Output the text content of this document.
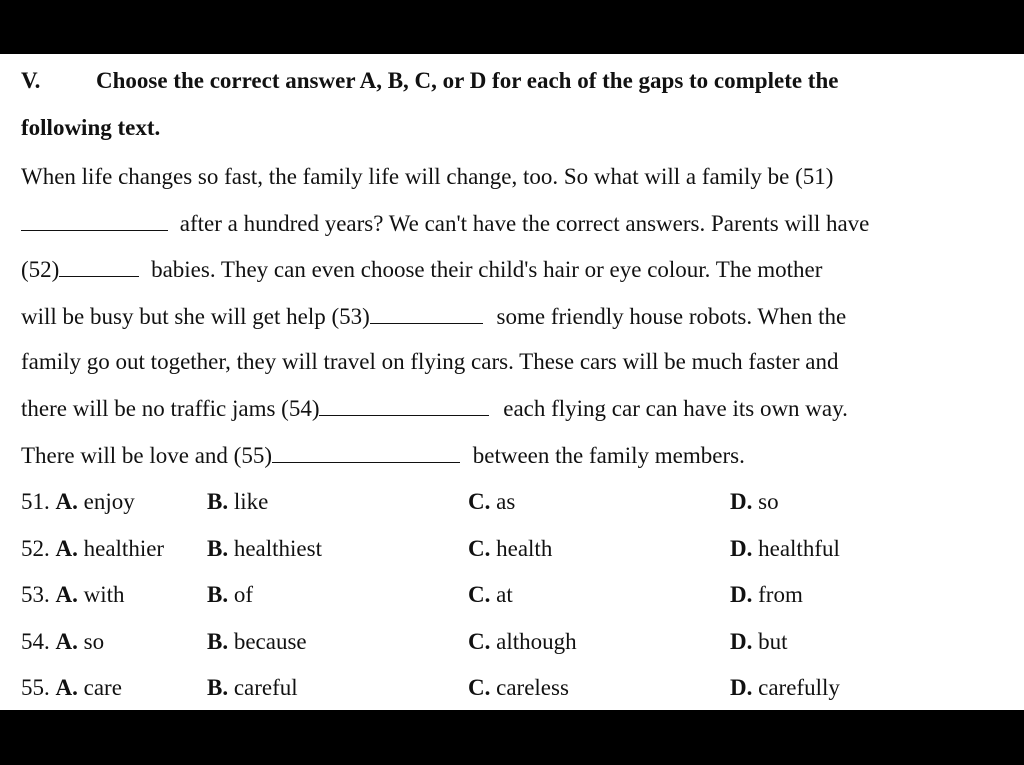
V. Choose the correct answer A, B, C, or D for each of the gaps to complete the
following text.
When life changes so fast, the family life will change, too. So what will a family be (51)
after a hundred years? We can't have the correct answers. Parents will have
(52)	babies. They can even choose their child's hair or eye colour. The mother
will be busy but she will get help (53)	some friendly house robots. When the
family go out together, they will travel on flying cars. These cars will be much faster and
there will be no traffic jams (54)	each flying car can have its own way.
There will be love and (55)	between the family members.
51. A. enjoy	B. like	C. as	D. so
52. A. healthier B. healthiest	C. health	D. healthful
53. A. with	B. of	C. at	D. from
54. A. so	B. because	C. although	D. but
55. A. care	B. careful	C. careless	D. carefully
